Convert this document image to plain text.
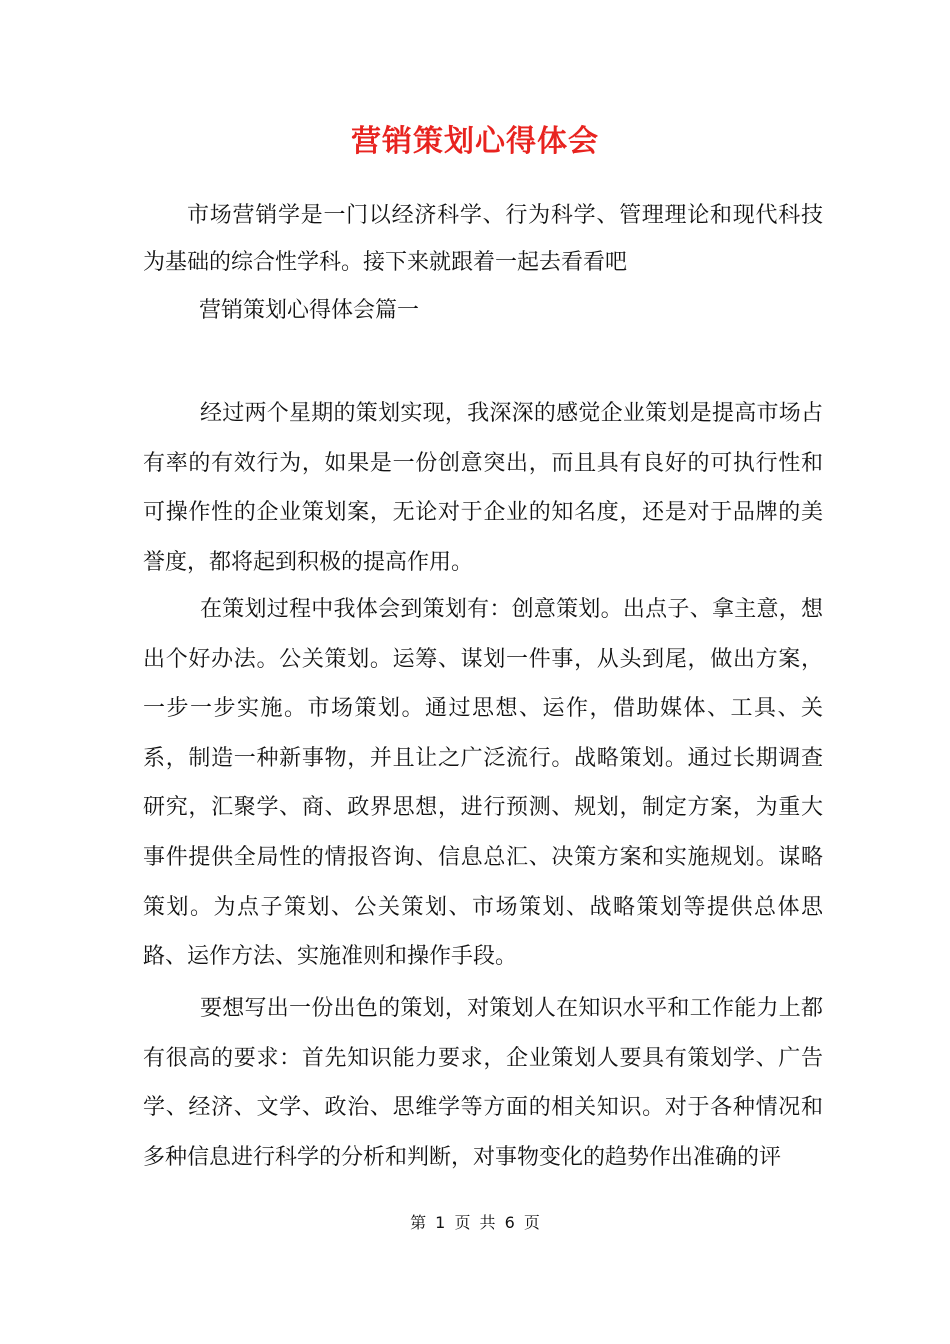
营销策划心得体会

市场营销学是一门以经济科学、行为科学、管理理论和现代科技为基础的综合性学科。接下来就跟着一起去看看吧

营销策划心得体会篇一

经过两个星期的策划实现，我深深的感觉企业策划是提高市场占有率的有效行为，如果是一份创意突出，而且具有良好的可执行性和可操作性的企业策划案，无论对于企业的知名度，还是对于品牌的美誉度，都将起到积极的提高作用。

在策划过程中我体会到策划有：创意策划。出点子、拿主意，想出个好办法。公关策划。运筹、谋划一件事，从头到尾，做出方案，一步一步实施。市场策划。通过思想、运作，借助媒体、工具、关系，制造一种新事物，并且让之广泛流行。战略策划。通过长期调查研究，汇聚学、商、政界思想，进行预测、规划，制定方案，为重大事件提供全局性的情报咨询、信息总汇、决策方案和实施规划。谋略策划。为点子策划、公关策划、市场策划、战略策划等提供总体思路、运作方法、实施准则和操作手段。

要想写出一份出色的策划，对策划人在知识水平和工作能力上都有很高的要求：首先知识能力要求，企业策划人要具有策划学、广告学、经济、文学、政治、思维学等方面的相关知识。对于各种情况和多种信息进行科学的分析和判断，对事物变化的趋势作出准确的评

第 1 页 共 6 页
